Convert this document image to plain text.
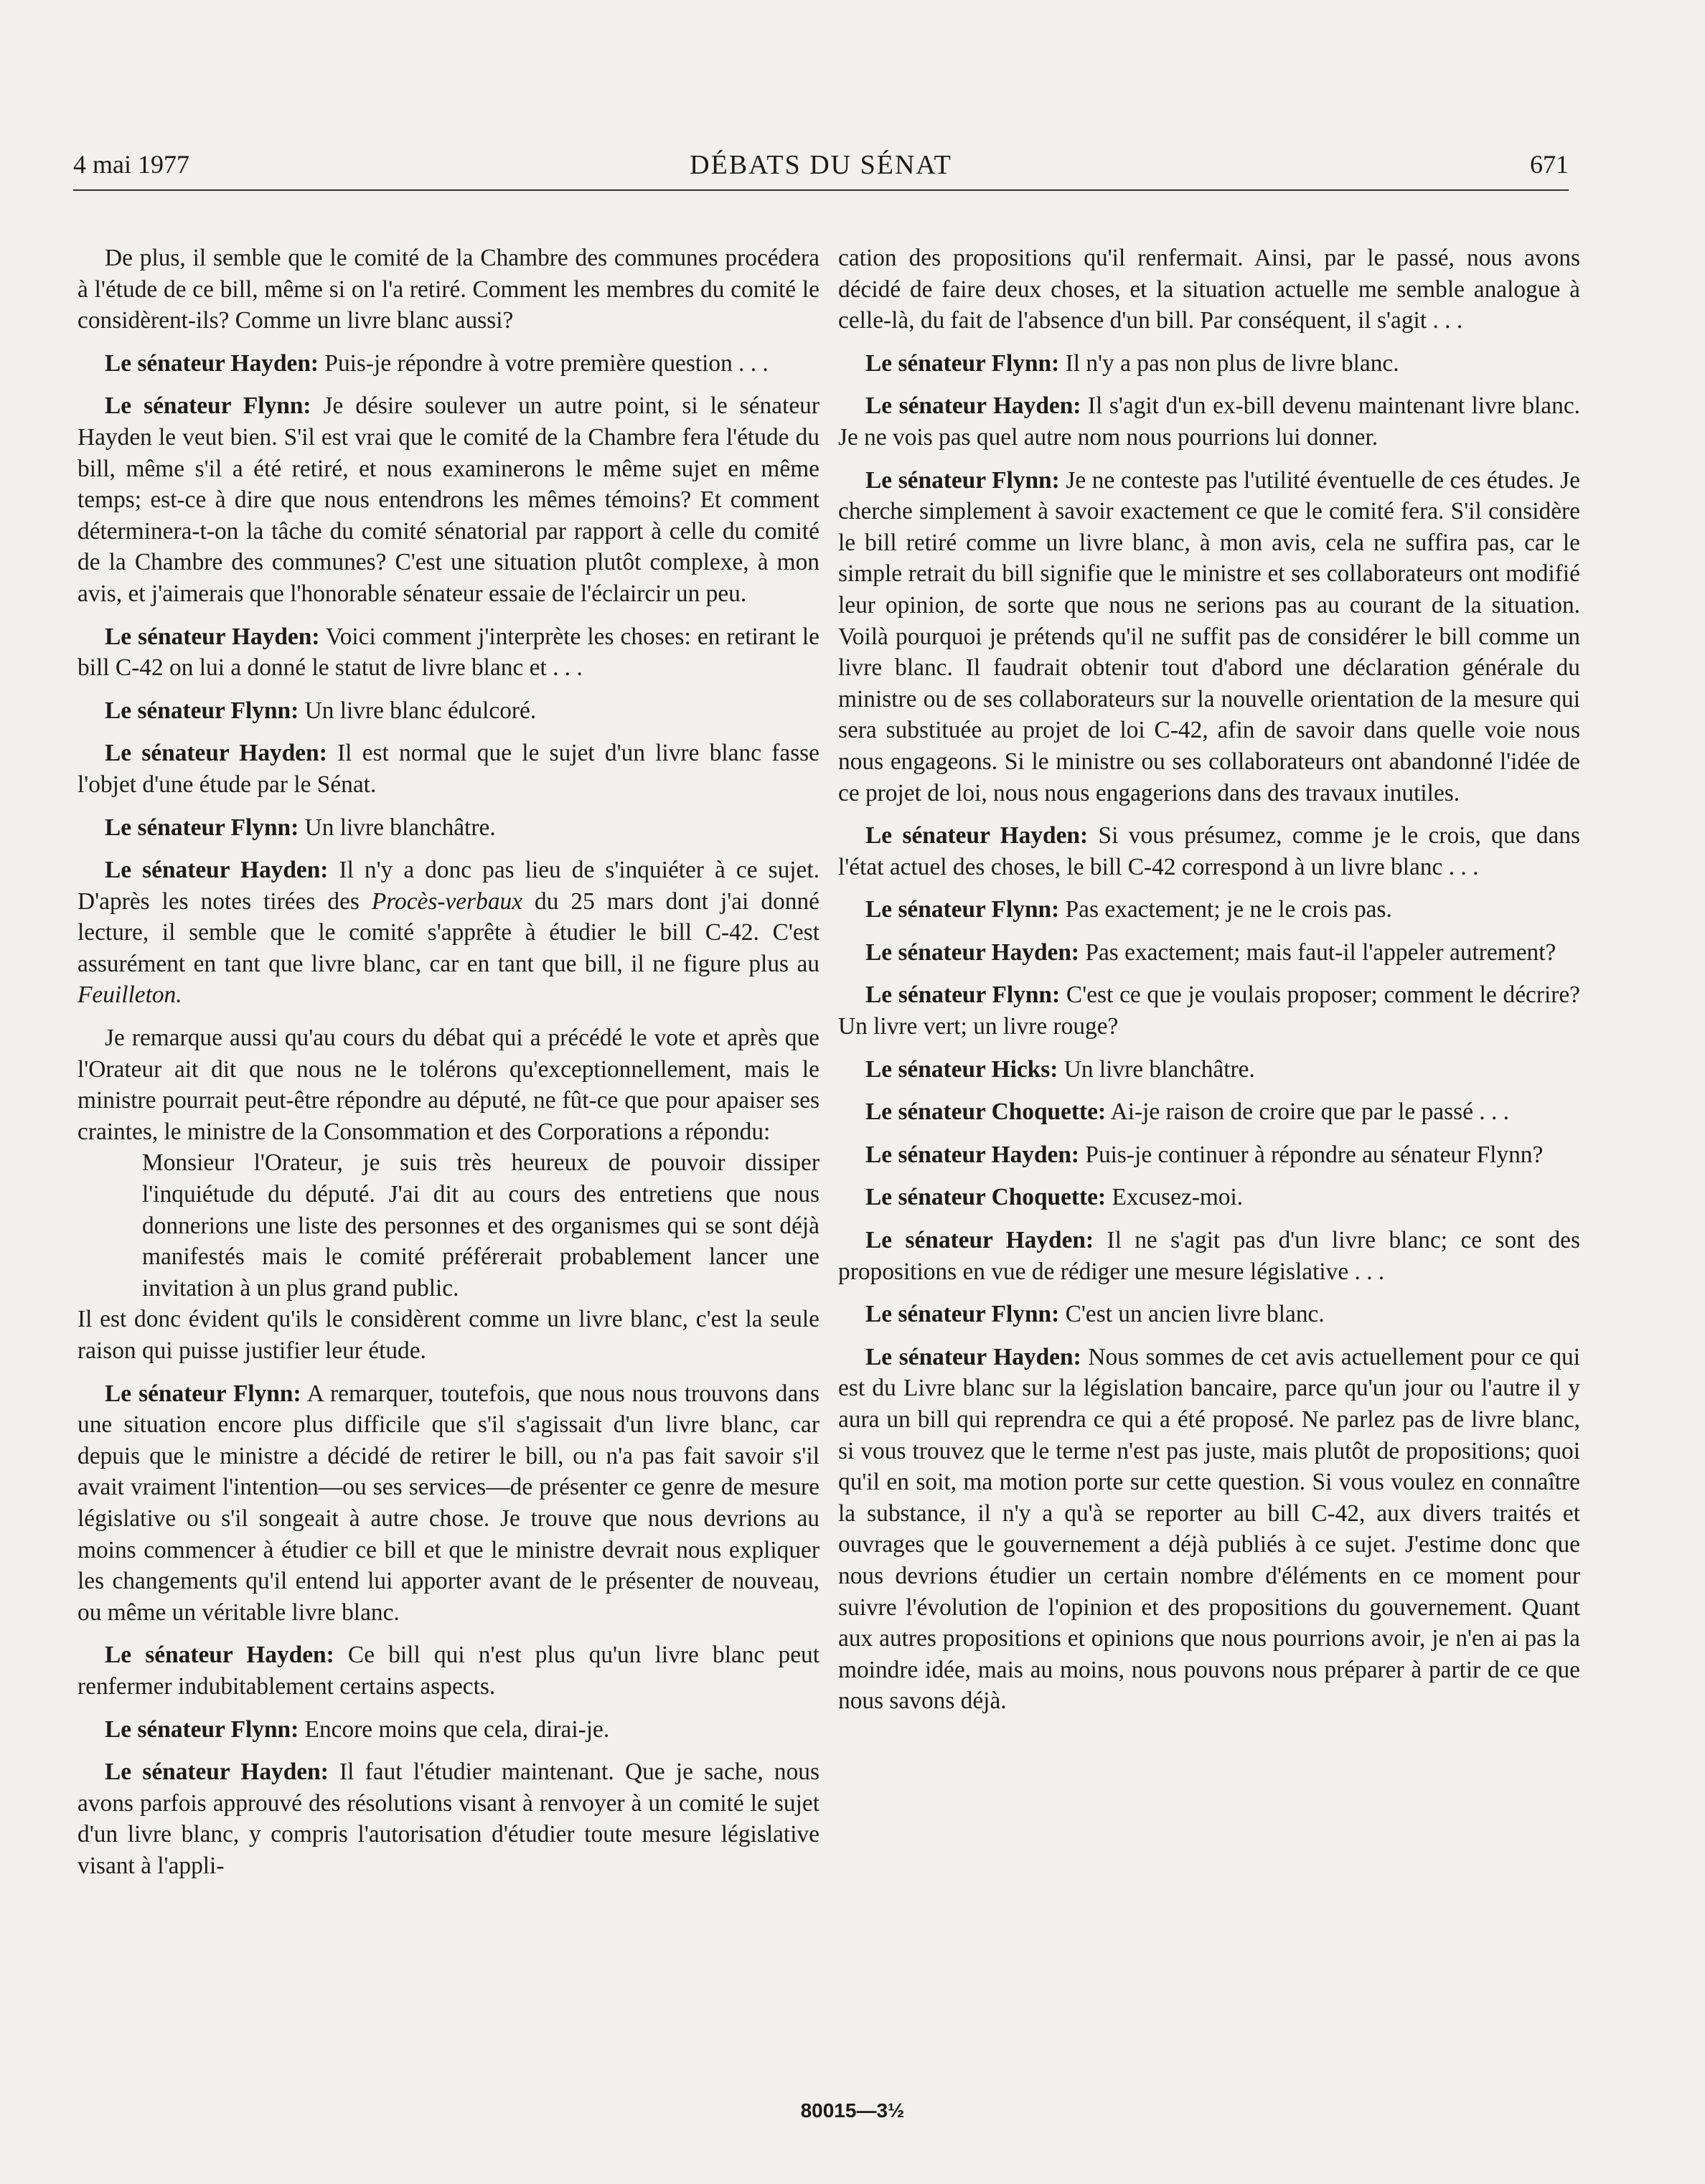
4 mai 1977	DÉBATS DU SÉNAT	671

De plus, il semble que le comité de la Chambre des communes procédera à l'étude de ce bill, même si on l'a retiré. Comment les membres du comité le considèrent-ils? Comme un livre blanc aussi?

Le sénateur Hayden: Puis-je répondre à votre première question . . .

Le sénateur Flynn: Je désire soulever un autre point, si le sénateur Hayden le veut bien. S'il est vrai que le comité de la Chambre fera l'étude du bill, même s'il a été retiré, et nous examinerons le même sujet en même temps; est-ce à dire que nous entendrons les mêmes témoins? Et comment déterminera-t-on la tâche du comité sénatorial par rapport à celle du comité de la Chambre des communes? C'est une situation plutôt complexe, à mon avis, et j'aimerais que l'honorable sénateur essaie de l'éclaircir un peu.

Le sénateur Hayden: Voici comment j'interprète les choses: en retirant le bill C-42 on lui a donné le statut de livre blanc et . . .

Le sénateur Flynn: Un livre blanc édulcoré.

Le sénateur Hayden: Il est normal que le sujet d'un livre blanc fasse l'objet d'une étude par le Sénat.

Le sénateur Flynn: Un livre blanchâtre.

Le sénateur Hayden: Il n'y a donc pas lieu de s'inquiéter à ce sujet. D'après les notes tirées des Procès-verbaux du 25 mars dont j'ai donné lecture, il semble que le comité s'apprête à étudier le bill C-42. C'est assurément en tant que livre blanc, car en tant que bill, il ne figure plus au Feuilleton.

Je remarque aussi qu'au cours du débat qui a précédé le vote et après que l'Orateur ait dit que nous ne le tolérons qu'exceptionnellement, mais le ministre pourrait peut-être répondre au député, ne fût-ce que pour apaiser ses craintes, le ministre de la Consommation et des Corporations a répondu:

Monsieur l'Orateur, je suis très heureux de pouvoir dissiper l'inquiétude du député. J'ai dit au cours des entretiens que nous donnerions une liste des personnes et des organismes qui se sont déjà manifestés mais le comité préférerait probablement lancer une invitation à un plus grand public.

Il est donc évident qu'ils le considèrent comme un livre blanc, c'est la seule raison qui puisse justifier leur étude.

Le sénateur Flynn: A remarquer, toutefois, que nous nous trouvons dans une situation encore plus difficile que s'il s'agissait d'un livre blanc, car depuis que le ministre a décidé de retirer le bill, ou n'a pas fait savoir s'il avait vraiment l'intention—ou ses services—de présenter ce genre de mesure législative ou s'il songeait à autre chose. Je trouve que nous devrions au moins commencer à étudier ce bill et que le ministre devrait nous expliquer les changements qu'il entend lui apporter avant de le présenter de nouveau, ou même un véritable livre blanc.

Le sénateur Hayden: Ce bill qui n'est plus qu'un livre blanc peut renfermer indubitablement certains aspects.

Le sénateur Flynn: Encore moins que cela, dirai-je.

Le sénateur Hayden: Il faut l'étudier maintenant. Que je sache, nous avons parfois approuvé des résolutions visant à renvoyer à un comité le sujet d'un livre blanc, y compris l'autorisation d'étudier toute mesure législative visant à l'appli-

cation des propositions qu'il renfermait. Ainsi, par le passé, nous avons décidé de faire deux choses, et la situation actuelle me semble analogue à celle-là, du fait de l'absence d'un bill. Par conséquent, il s'agit . . .

Le sénateur Flynn: Il n'y a pas non plus de livre blanc.

Le sénateur Hayden: Il s'agit d'un ex-bill devenu maintenant livre blanc. Je ne vois pas quel autre nom nous pourrions lui donner.

Le sénateur Flynn: Je ne conteste pas l'utilité éventuelle de ces études. Je cherche simplement à savoir exactement ce que le comité fera. S'il considère le bill retiré comme un livre blanc, à mon avis, cela ne suffira pas, car le simple retrait du bill signifie que le ministre et ses collaborateurs ont modifié leur opinion, de sorte que nous ne serions pas au courant de la situation. Voilà pourquoi je prétends qu'il ne suffit pas de considérer le bill comme un livre blanc. Il faudrait obtenir tout d'abord une déclaration générale du ministre ou de ses collaborateurs sur la nouvelle orientation de la mesure qui sera substituée au projet de loi C-42, afin de savoir dans quelle voie nous nous engageons. Si le ministre ou ses collaborateurs ont abandonné l'idée de ce projet de loi, nous nous engagerions dans des travaux inutiles.

Le sénateur Hayden: Si vous présumez, comme je le crois, que dans l'état actuel des choses, le bill C-42 correspond à un livre blanc . . .

Le sénateur Flynn: Pas exactement; je ne le crois pas.

Le sénateur Hayden: Pas exactement; mais faut-il l'appeler autrement?

Le sénateur Flynn: C'est ce que je voulais proposer; comment le décrire? Un livre vert; un livre rouge?

Le sénateur Hicks: Un livre blanchâtre.

Le sénateur Choquette: Ai-je raison de croire que par le passé . . .

Le sénateur Hayden: Puis-je continuer à répondre au sénateur Flynn?

Le sénateur Choquette: Excusez-moi.

Le sénateur Hayden: Il ne s'agit pas d'un livre blanc; ce sont des propositions en vue de rédiger une mesure législative . . .

Le sénateur Flynn: C'est un ancien livre blanc.

Le sénateur Hayden: Nous sommes de cet avis actuellement pour ce qui est du Livre blanc sur la législation bancaire, parce qu'un jour ou l'autre il y aura un bill qui reprendra ce qui a été proposé. Ne parlez pas de livre blanc, si vous trouvez que le terme n'est pas juste, mais plutôt de propositions; quoi qu'il en soit, ma motion porte sur cette question. Si vous voulez en connaître la substance, il n'y a qu'à se reporter au bill C-42, aux divers traités et ouvrages que le gouvernement a déjà publiés à ce sujet. J'estime donc que nous devrions étudier un certain nombre d'éléments en ce moment pour suivre l'évolution de l'opinion et des propositions du gouvernement. Quant aux autres propositions et opinions que nous pourrions avoir, je n'en ai pas la moindre idée, mais au moins, nous pouvons nous préparer à partir de ce que nous savons déjà.

80015—3½
